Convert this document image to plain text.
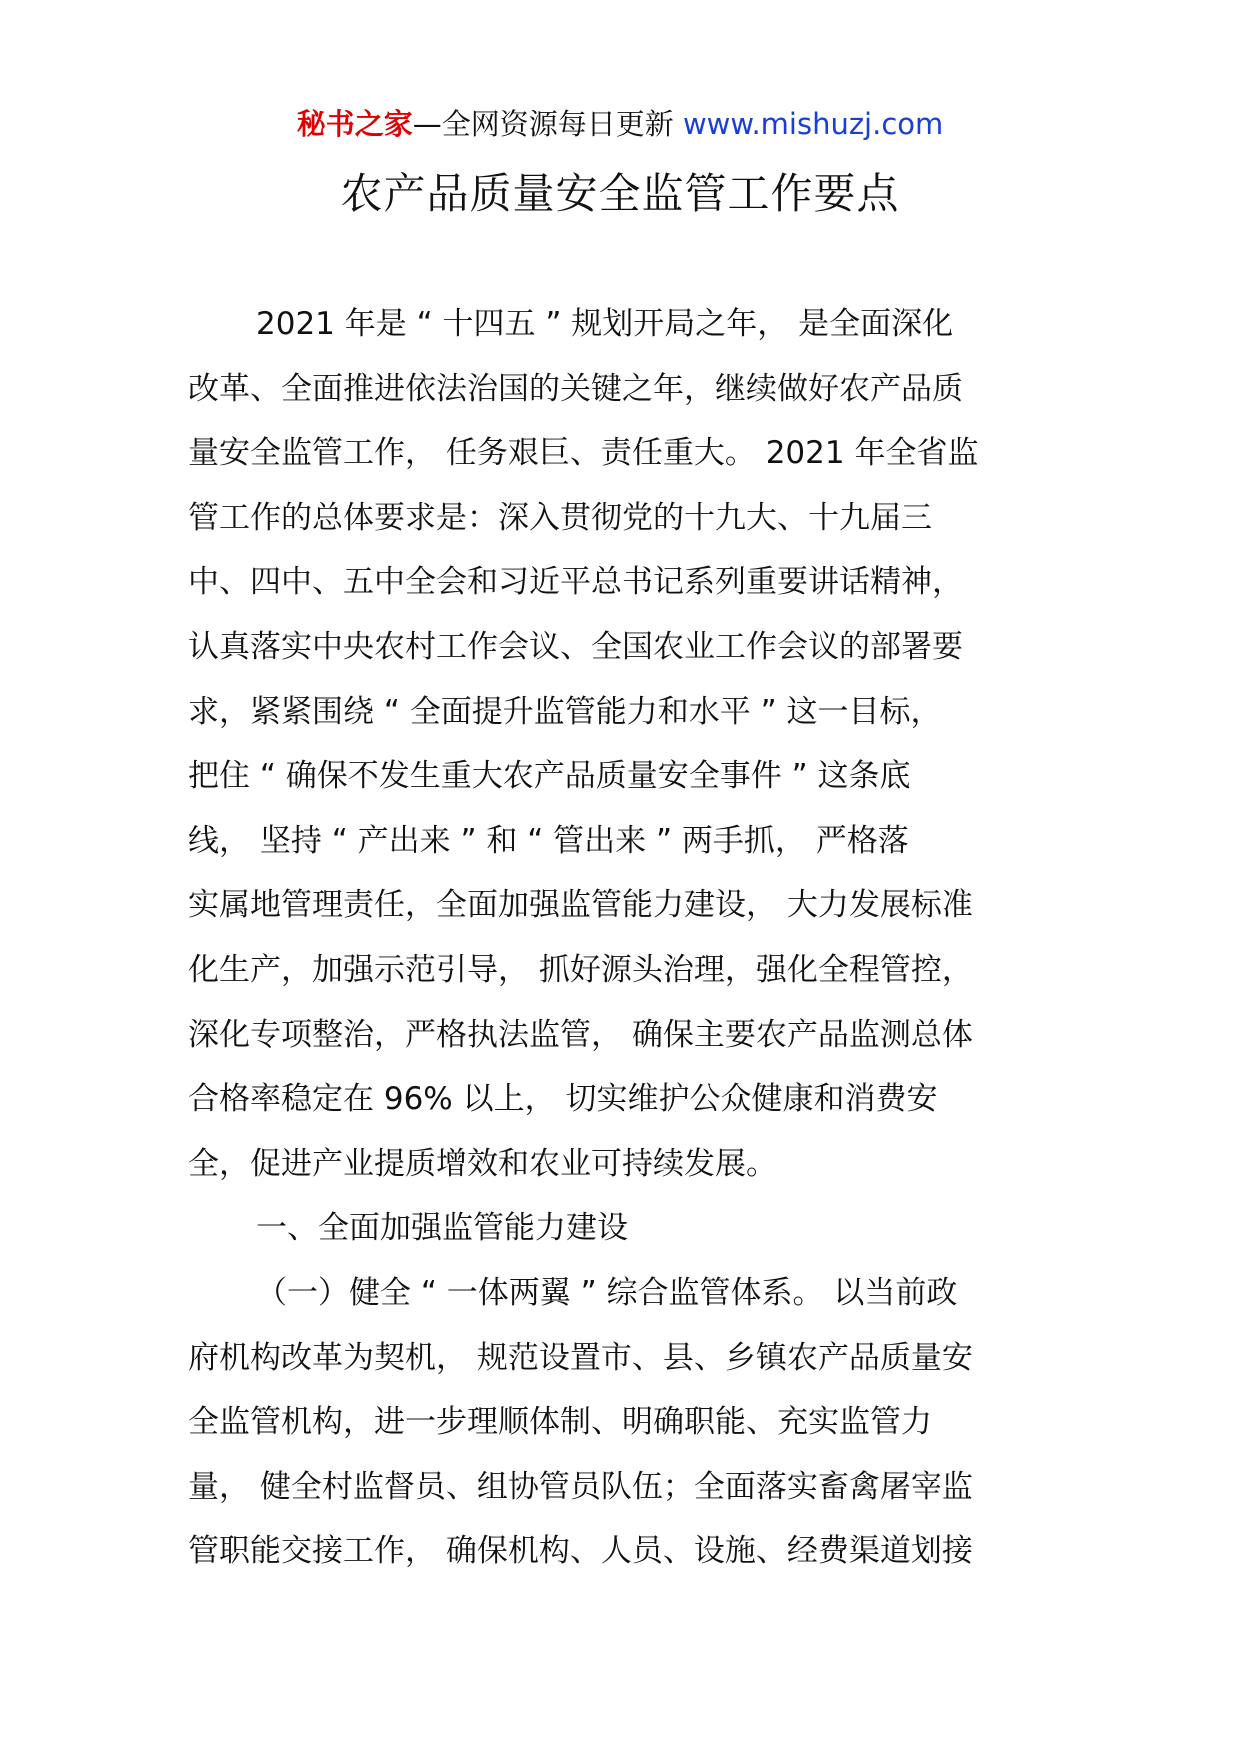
秘书之家—全网资源每日更新 www.mishuzj.com
农产品质量安全监管工作要点
2021 年是 “ 十四五 ” 规划开局之年， 是全面深化
改革、全面推进依法治国的关键之年，继续做好农产品质
量安全监管工作， 任务艰巨、责任重大。 2021 年全省监
管工作的总体要求是：深入贯彻党的十九大、十九届三
中、四中、五中全会和习近平总书记系列重要讲话精神，
认真落实中央农村工作会议、全国农业工作会议的部署要
求，紧紧围绕 “ 全面提升监管能力和水平 ” 这一目标，
把住 “ 确保不发生重大农产品质量安全事件 ” 这条底
线， 坚持 “ 产出来 ” 和 “ 管出来 ” 两手抓， 严格落
实属地管理责任，全面加强监管能力建设， 大力发展标准
化生产，加强示范引导， 抓好源头治理，强化全程管控，
深化专项整治，严格执法监管， 确保主要农产品监测总体
合格率稳定在 96% 以上， 切实维护公众健康和消费安
全，促进产业提质增效和农业可持续发展。
一、全面加强监管能力建设
（一）健全 “ 一体两翼 ” 综合监管体系。 以当前政
府机构改革为契机， 规范设置市、县、乡镇农产品质量安
全监管机构，进一步理顺体制、明确职能、充实监管力
量， 健全村监督员、组协管员队伍；全面落实畜禽屠宰监
管职能交接工作， 确保机构、人员、设施、经费渠道划接
